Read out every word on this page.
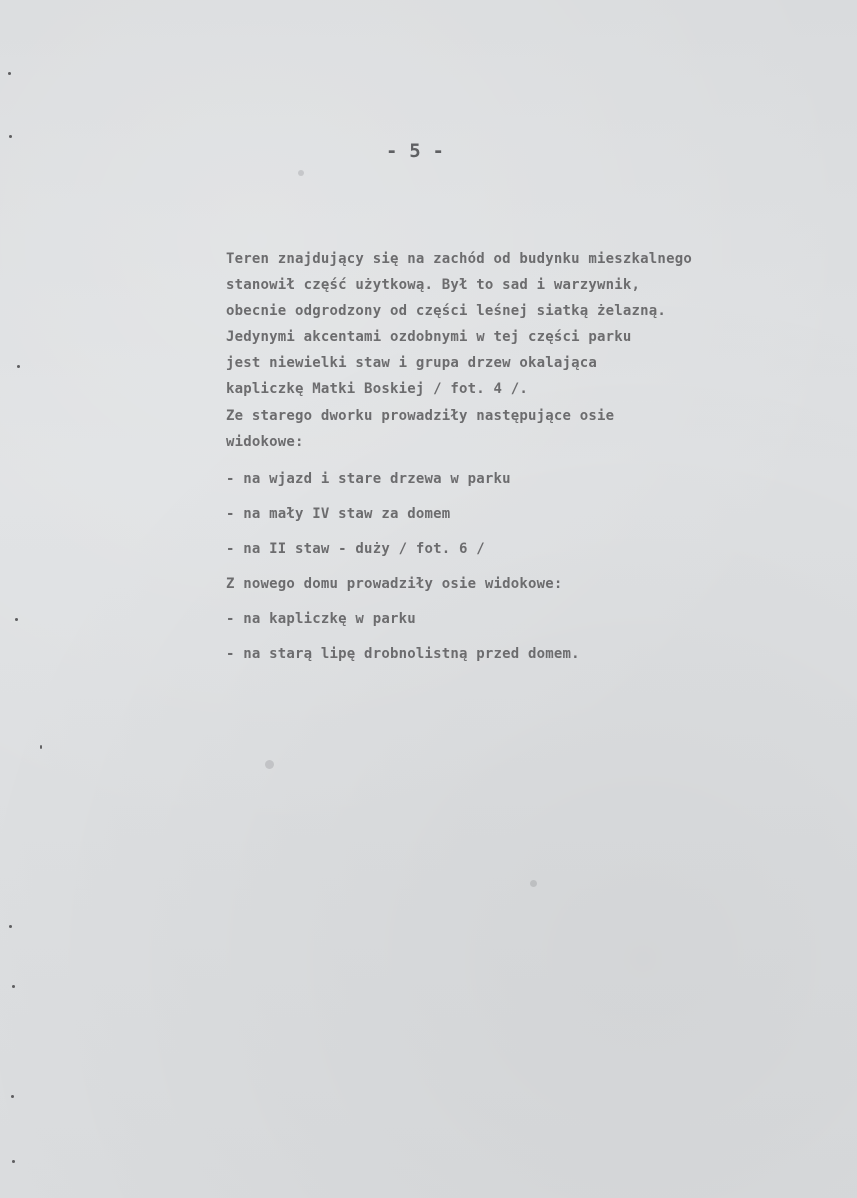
- 5 -
Teren znajdujący się na zachód od budynku mieszkalnego
stanowił część użytkową. Był to sad i warzywnik,
obecnie odgrodzony od części leśnej siatką żelazną.
Jedynymi akcentami ozdobnymi w tej części parku
jest niewielki staw i grupa drzew okalająca
kapliczkę Matki Boskiej / fot. 4 /.
Ze starego dworku prowadziły następujące osie
widokowe:
- na wjazd i stare drzewa w parku
- na mały IV staw za domem
- na II staw - duży / fot. 6 /
Z nowego domu prowadziły osie widokowe:
- na kapliczkę w parku
- na starą lipę drobnolistną przed domem.
